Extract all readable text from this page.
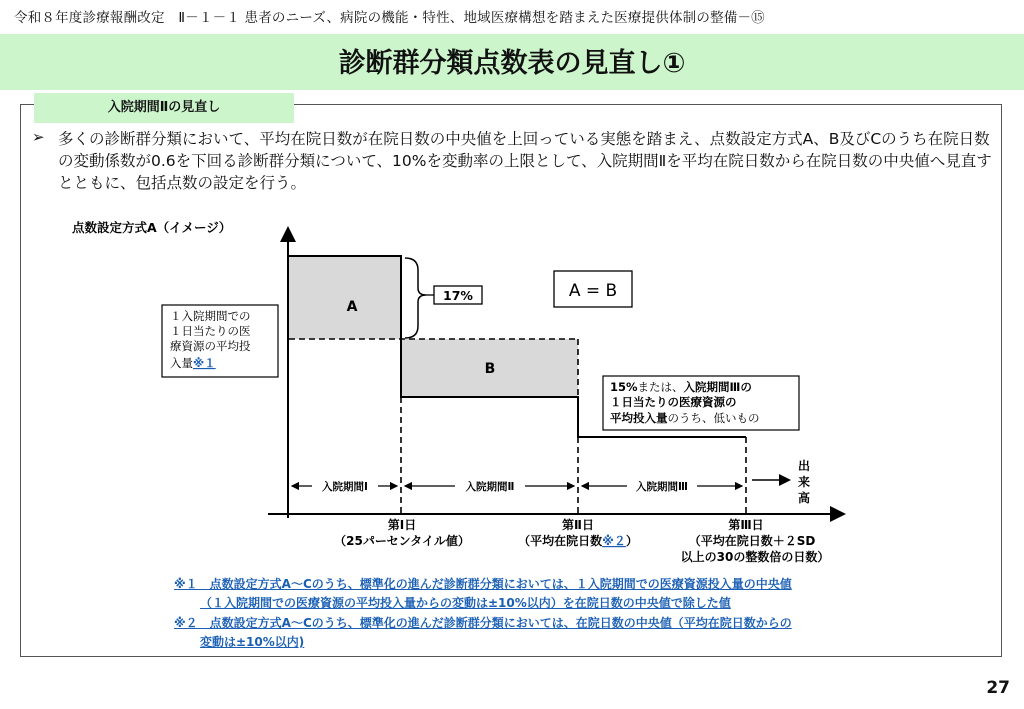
令和８年度診療報酬改定　Ⅱ－１－１ 患者のニーズ、病院の機能・特性、地域医療構想を踏まえた医療提供体制の整備－⑮
診断群分類点数表の見直し①
入院期間Ⅱの見直し
➢ 多くの診断群分類において、平均在院日数が在院日数の中央値を上回っている実態を踏まえ、点数設定方式A、B及びCのうち在院日数の変動係数が0.6を下回る診断群分類について、10%を変動率の上限として、入院期間Ⅱを平均在院日数から在院日数の中央値へ見直すとともに、包括点数の設定を行う。
点数設定方式A（イメージ）
A
B
17%	A = B
１入院期間での
１日当たりの医
療資源の平均投
入量※１
15%または、入院期間Ⅲの
１日当たりの医療資源の
平均投入量のうち、低いもの
出
来
高
入院期間Ⅰ	入院期間Ⅱ	入院期間Ⅲ
第Ⅰ日
（25パーセンタイル値）
第Ⅱ日
（平均在院日数※２）
第Ⅲ日
（平均在院日数＋２SD
以上の30の整数倍の日数）
※１　点数設定方式A～Cのうち、標準化の進んだ診断群分類においては、１入院期間での医療資源投入量の中央値
（１入院期間での医療資源の平均投入量からの変動は±10%以内）を在院日数の中央値で除した値
※２　点数設定方式A～Cのうち、標準化の進んだ診断群分類においては、在院日数の中央値（平均在院日数からの
変動は±10%以内)
27
